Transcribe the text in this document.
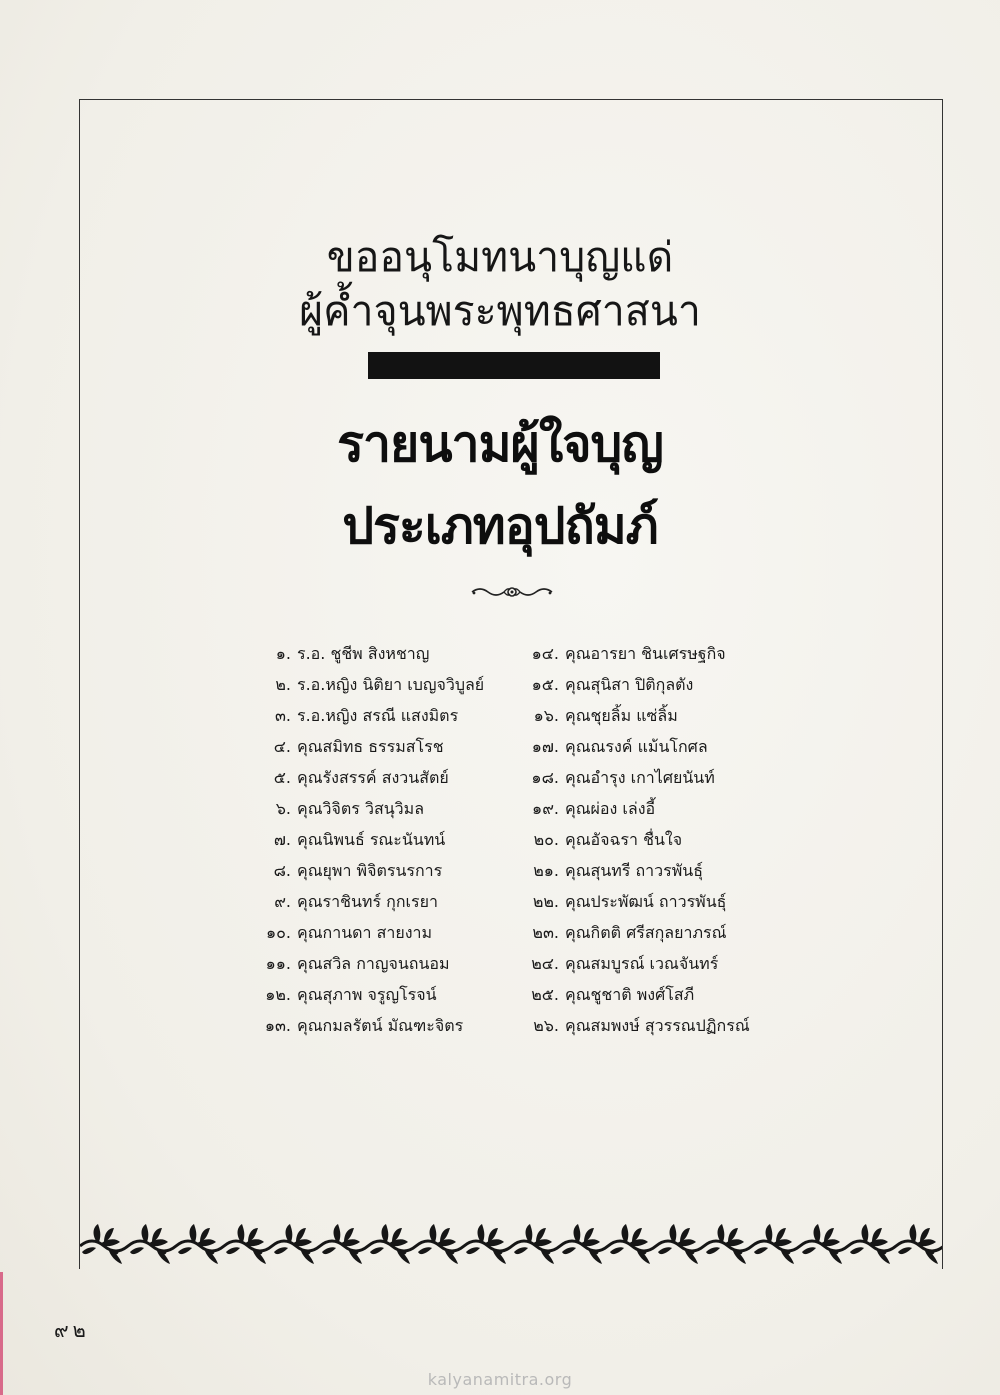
ขออนุโมทนาบุญแด่
ผู้ค้ำจุนพระพุทธศาสนา
รายนามผู้ใจบุญ
ประเภทอุปถัมภ์
๑. ร.อ. ชูชีพ สิงหชาญ
๒. ร.อ.หญิง นิติยา เบญจวิบูลย์
๓. ร.อ.หญิง สรณี แสงมิตร
๔. คุณสมิทธ ธรรมสโรช
๕. คุณรังสรรค์ สงวนสัตย์
๖. คุณวิจิตร วิสนุวิมล
๗. คุณนิพนธ์ รณะนันทน์
๘. คุณยุพา พิจิตรนรการ
๙. คุณราชินทร์ กุกเรยา
๑๐. คุณกานดา สายงาม
๑๑. คุณสวิล กาญจนถนอม
๑๒. คุณสุภาพ จรูญโรจน์
๑๓. คุณกมลรัตน์ มัณฑะจิตร
๑๔. คุณอารยา ชินเศรษฐกิจ
๑๕. คุณสุนิสา ปิติกุลตัง
๑๖. คุณชุยลิ้ม แซ่ลิ้ม
๑๗. คุณณรงค์ แม้นโกศล
๑๘. คุณอำรุง เกาไศยนันท์
๑๙. คุณผ่อง เล่งอี้
๒๐. คุณอัจฉรา ชื่นใจ
๒๑. คุณสุนทรี ถาวรพันธุ์
๒๒. คุณประพัฒน์ ถาวรพันธุ์
๒๓. คุณกิตติ ศรีสกุลยาภรณ์
๒๔. คุณสมบูรณ์ เวณจันทร์
๒๕. คุณชูชาติ พงศ์โสภี
๒๖. คุณสมพงษ์ สุวรรณปฏิกรณ์
๙๒
kalyanamitra.org
